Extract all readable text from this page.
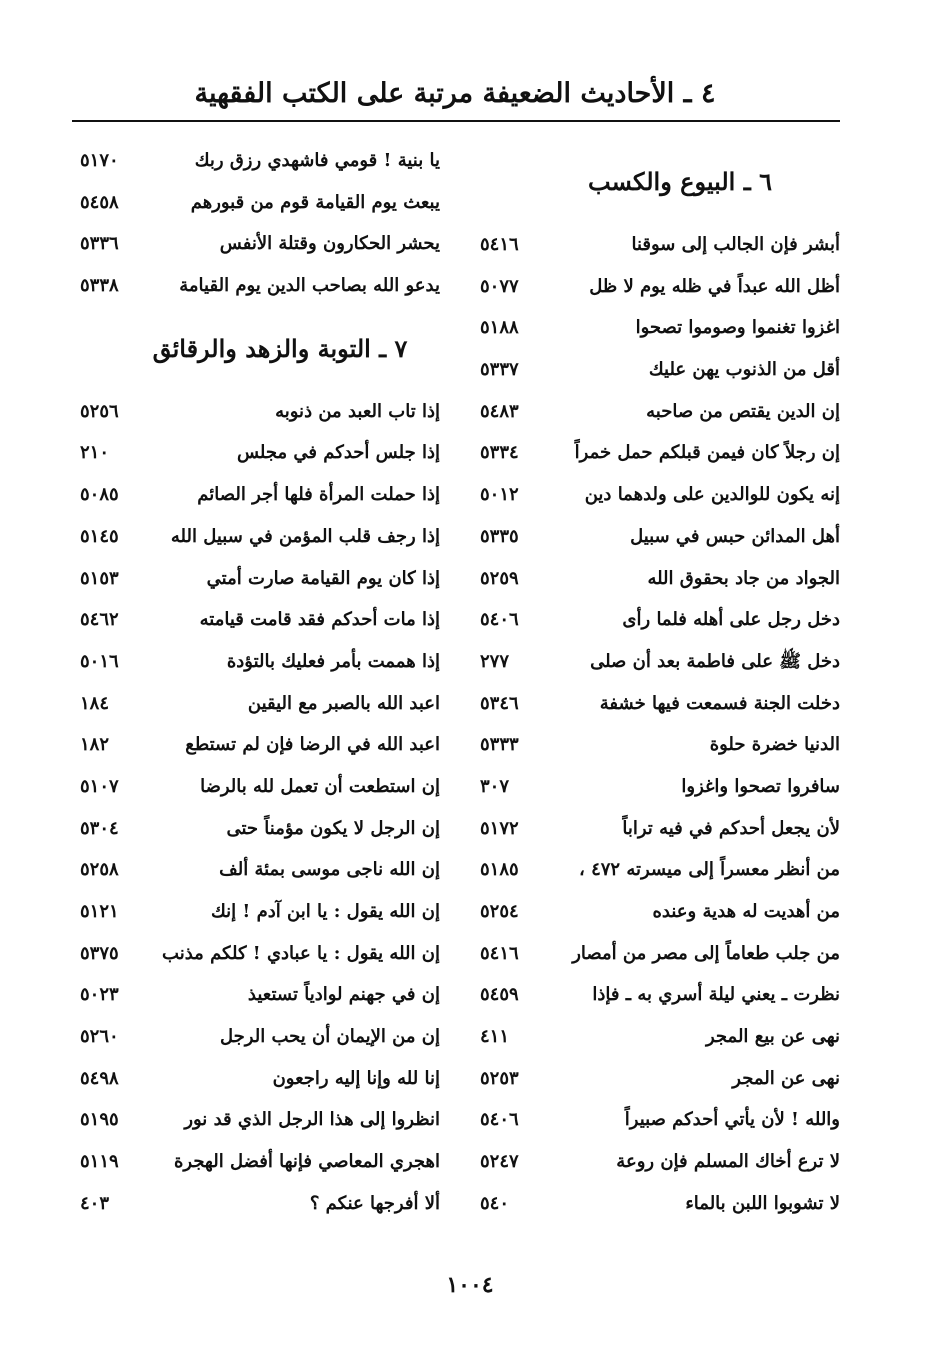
٤ ـ الأحاديث الضعيفة مرتبة على الكتب الفقهية
٦ ـ البيوع والكسب
أبشر فإن الجالب إلى سوقنا
٥٤١٦
أظل الله عبداً في ظله يوم لا ظل
٥٠٧٧
اغزوا تغنموا وصوموا تصحوا
٥١٨٨
أقل من الذنوب يهن عليك
٥٣٣٧
إن الدين يقتص من صاحبه
٥٤٨٣
إن رجلاً كان فيمن قبلكم حمل خمراً
٥٣٣٤
إنه يكون للوالدين على ولدهما دين
٥٠١٢
أهل المدائن حبس في سبيل
٥٣٣٥
الجواد من جاد بحقوق الله
٥٢٥٩
دخل رجل على أهله فلما رأى
٥٤٠٦
دخل ﷺ على فاطمة بعد أن صلى
٢٧٧
دخلت الجنة فسمعت فيها خشفة
٥٣٤٦
الدنيا خضرة حلوة
٥٣٣٣
سافروا تصحوا واغزوا
٣٠٧
لأن يجعل أحدكم في فيه تراباً
٥١٧٢
من أنظر معسراً إلى ميسرته ٤٧٢ ،
٥١٨٥
من أهديت له هدية وعنده
٥٢٥٤
من جلب طعاماً إلى مصر من أمصار
٥٤١٦
نظرت ـ يعني ليلة أسري به ـ فإذا
٥٤٥٩
نهى عن بيع المجر
٤١١
نهى عن المجر
٥٢٥٣
والله ! لأن يأتي أحدكم صبيراً
٥٤٠٦
لا ترع أخاك المسلم فإن روعة
٥٢٤٧
لا تشوبوا اللبن بالماء
٥٤٠
يا بنية ! قومي فاشهدي رزق ربك
٥١٧٠
يبعث يوم القيامة قوم من قبورهم
٥٤٥٨
يحشر الحكارون وقتلة الأنفس
٥٣٣٦
يدعو الله بصاحب الدين يوم القيامة
٥٣٣٨
٧ ـ التوبة والزهد والرقائق
إذا تاب العبد من ذنوبه
٥٢٥٦
إذا جلس أحدكم في مجلس
٢١٠
إذا حملت المرأة فلها أجر الصائم
٥٠٨٥
إذا رجف قلب المؤمن في سبيل الله
٥١٤٥
إذا كان يوم القيامة صارت أمتي
٥١٥٣
إذا مات أحدكم فقد قامت قيامته
٥٤٦٢
إذا هممت بأمر فعليك بالتؤدة
٥٠١٦
اعبد الله بالصبر مع اليقين
١٨٤
اعبد الله في الرضا فإن لم تستطع
١٨٢
إن استطعت أن تعمل لله بالرضا
٥١٠٧
إن الرجل لا يكون مؤمناً حتى
٥٣٠٤
إن الله ناجى موسى بمئة ألف
٥٢٥٨
إن الله يقول : يا ابن آدم ! إنك
٥١٢١
إن الله يقول : يا عبادي ! كلكم مذنب
٥٣٧٥
إن في جهنم لوادياً تستعيذ
٥٠٢٣
إن من الإيمان أن يحب الرجل
٥٢٦٠
إنا لله وإنا إليه راجعون
٥٤٩٨
انظروا إلى هذا الرجل الذي قد نور
٥١٩٥
اهجري المعاصي فإنها أفضل الهجرة
٥١١٩
ألا أفرجها عنكم ؟
٤٠٣
١٠٠٤
